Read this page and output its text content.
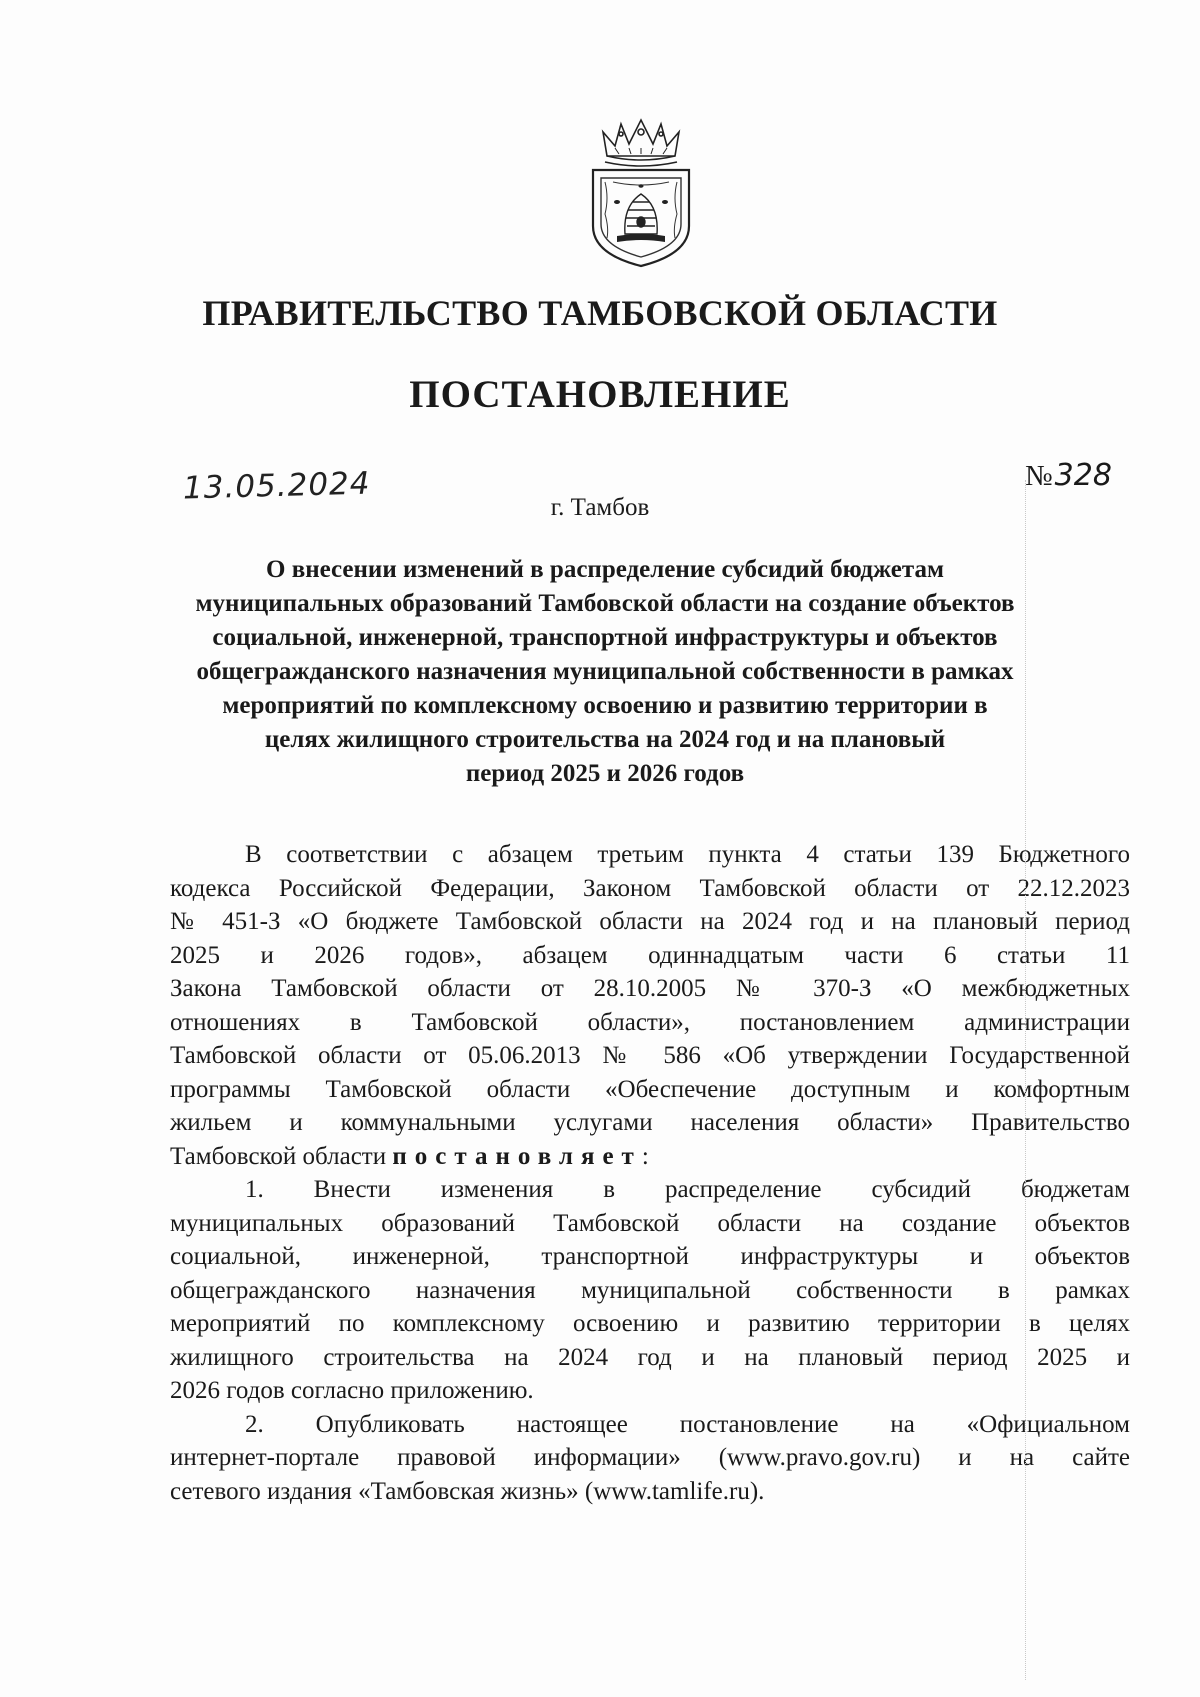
ПРАВИТЕЛЬСТВО ТАМБОВСКОЙ ОБЛАСТИ
ПОСТАНОВЛЕНИЕ
13.05.2024	№328
г. Тамбов
О внесении изменений в распределение субсидий бюджетам
муниципальных образований Тамбовской области на создание объектов
социальной, инженерной, транспортной инфраструктуры и объектов
общегражданского назначения муниципальной собственности в рамках
мероприятий по комплексному освоению и развитию территории в
целях жилищного строительства на 2024 год и на плановый
период 2025 и 2026 годов
В соответствии с абзацем третьим пункта 4 статьи 139 Бюджетного
кодекса Российской Федерации, Законом Тамбовской области от 22.12.2023
№ 451-З «О бюджете Тамбовской области на 2024 год и на плановый период
2025 и 2026 годов», абзацем одиннадцатым части 6 статьи 11
Закона Тамбовской области от 28.10.2005 № 370-З «О межбюджетных
отношениях в Тамбовской области», постановлением администрации
Тамбовской области от 05.06.2013 № 586 «Об утверждении Государственной
программы Тамбовской области «Обеспечение доступным и комфортным
жильем и коммунальными услугами населения области» Правительство
Тамбовской области постановляет:
1. Внести изменения в распределение субсидий бюджетам
муниципальных образований Тамбовской области на создание объектов
социальной, инженерной, транспортной инфраструктуры и объектов
общегражданского назначения муниципальной собственности в рамках
мероприятий по комплексному освоению и развитию территории в целях
жилищного строительства на 2024 год и на плановый период 2025 и
2026 годов согласно приложению.
2. Опубликовать настоящее постановление на «Официальном
интернет-портале правовой информации» (www.pravo.gov.ru) и на сайте
сетевого издания «Тамбовская жизнь» (www.tamlife.ru).
